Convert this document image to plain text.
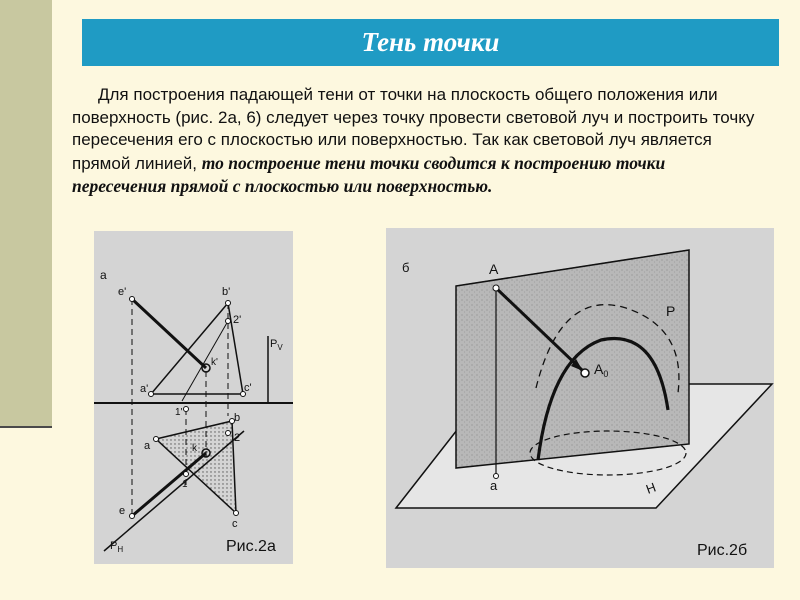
Тень точки
Для построения падающей тени от точки на плоскость общего положения или поверхность (рис. 2а, 6) следует через точку провести световой луч и построить точку пересечения его с плоскостью или поверхностью. Так как световой луч является прямой линией, то построение тени точки сводится к построению точки пересечения прямой с плоскостью или поверхностью.
а
e'	b'
2'
$P_V$
k'
a'	c'
1'	b
2
a	k
1
e
c
$P_H$	Рис.2а
б	A
P
$A_0$
a	H
Рис.2б
